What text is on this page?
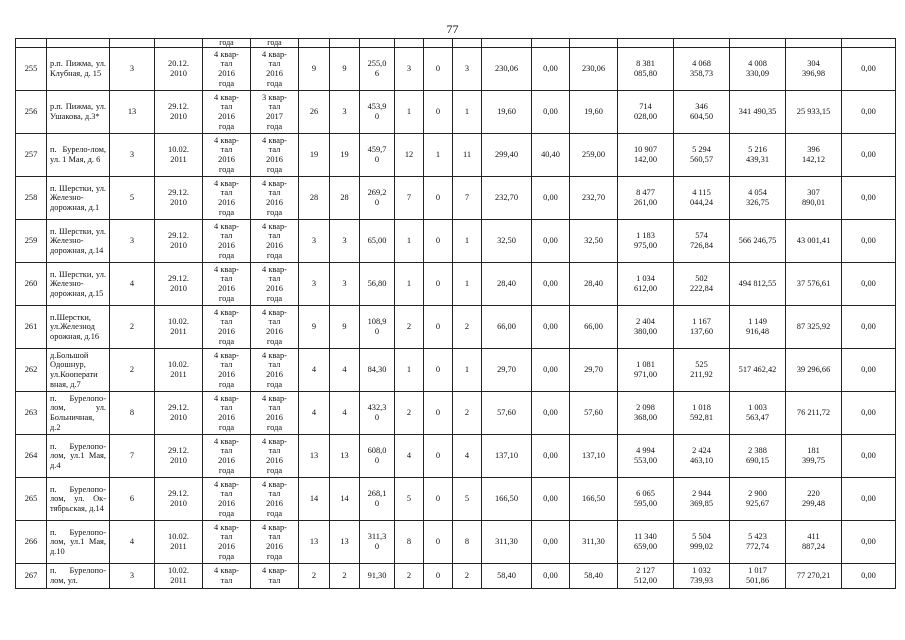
77
				года	года														
255	р.п. Пижма, ул. Клубная, д. 15	3	20.12.
2010	4 квар-
тал
2016
года	4 квар-
тал
2016
года	9	9	255,0
6	3	0	3	230,06	0,00	230,06	8 381
085,80	4 068
358,73	4 008
330,09	304
396,98	0,00
256	р.п. Пижма, ул. Ушакова, д.3*	13	29.12.
2010	4 квар-
тал
2016
года	3 квар-
тал
2017
года	26	3	453,9
0	1	0	1	19,60	0,00	19,60	714
028,00	346
604,50	341 490,35	25 933,15	0,00
257	п. Бурело-лом, ул. 1 Мая, д. 6	3	10.02.
2011	4 квар-
тал
2016
года	4 квар-
тал
2016
года	19	19	459,7
0	12	1	11	299,40	40,40	259,00	10 907
142,00	5 294
560,57	5 216
439,31	396
142,12	0,00
258	п. Шерстки, ул. Железно-дорожная, д.1	5	29.12.
2010	4 квар-
тал
2016
года	4 квар-
тал
2016
года	28	28	269,2
0	7	0	7	232,70	0,00	232,70	8 477
261,00	4 115
044,24	4 054
326,75	307
890,01	0,00
259	п. Шерстки, ул. Железно-дорожная, д.14	3	29.12.
2010	4 квар-
тал
2016
года	4 квар-
тал
2016
года	3	3	65,00	1	0	1	32,50	0,00	32,50	1 183
975,00	574
726,84	566 246,75	43 001,41	0,00
260	п. Шерстки, ул. Железно-дорожная, д.15	4	29.12.
2010	4 квар-
тал
2016
года	4 квар-
тал
2016
года	3	3	56,80	1	0	1	28,40	0,00	28,40	1 034
612,00	502
222,84	494 812,55	37 576,61	0,00
261	п.Шерстки, ул.Железнод орожная, д.16	2	10.02.
2011	4 квар-
тал
2016
года	4 квар-
тал
2016
года	9	9	108,9
0	2	0	2	66,00	0,00	66,00	2 404
380,00	1 167
137,60	1 149
916,48	87 325,92	0,00
262	д.Большой Одошнур, ул.Кооперати вная, д.7	2	10.02.
2011	4 квар-
тал
2016
года	4 квар-
тал
2016
года	4	4	84,30	1	0	1	29,70	0,00	29,70	1 081
971,00	525
211,92	517 462,42	39 296,66	0,00
263	п. Бурелопо-лом, ул. Больничная, д.2	8	29.12.
2010	4 квар-
тал
2016
года	4 квар-
тал
2016
года	4	4	432,3
0	2	0	2	57,60	0,00	57,60	2 098
368,00	1 018
592,81	1 003
563,47	76 211,72	0,00
264	п. Бурелопо-лом, ул.1 Мая, д.4	7	29.12.
2010	4 квар-
тал
2016
года	4 квар-
тал
2016
года	13	13	608,0
0	4	0	4	137,10	0,00	137,10	4 994
553,00	2 424
463,10	2 388
690,15	181
399,75	0,00
265	п. Бурелопо-лом, ул. Ок-тябрьская, д.14	6	29.12.
2010	4 квар-
тал
2016
года	4 квар-
тал
2016
года	14	14	268,1
0	5	0	5	166,50	0,00	166,50	6 065
595,00	2 944
369,85	2 900
925,67	220
299,48	0,00
266	п. Бурелопо-лом, ул.1 Мая, д.10	4	10.02.
2011	4 квар-
тал
2016
года	4 квар-
тал
2016
года	13	13	311,3
0	8	0	8	311,30	0,00	311,30	11 340
659,00	5 504
999,02	5 423
772,74	411
887,24	0,00
267	п. Бурелопо-лом, ул.	3	10.02.
2011	4 квар-
тал	4 квар-
тал	2	2	91,30	2	0	2	58,40	0,00	58,40	2 127
512,00	1 032
739,93	1 017
501,86	77 270,21	0,00
